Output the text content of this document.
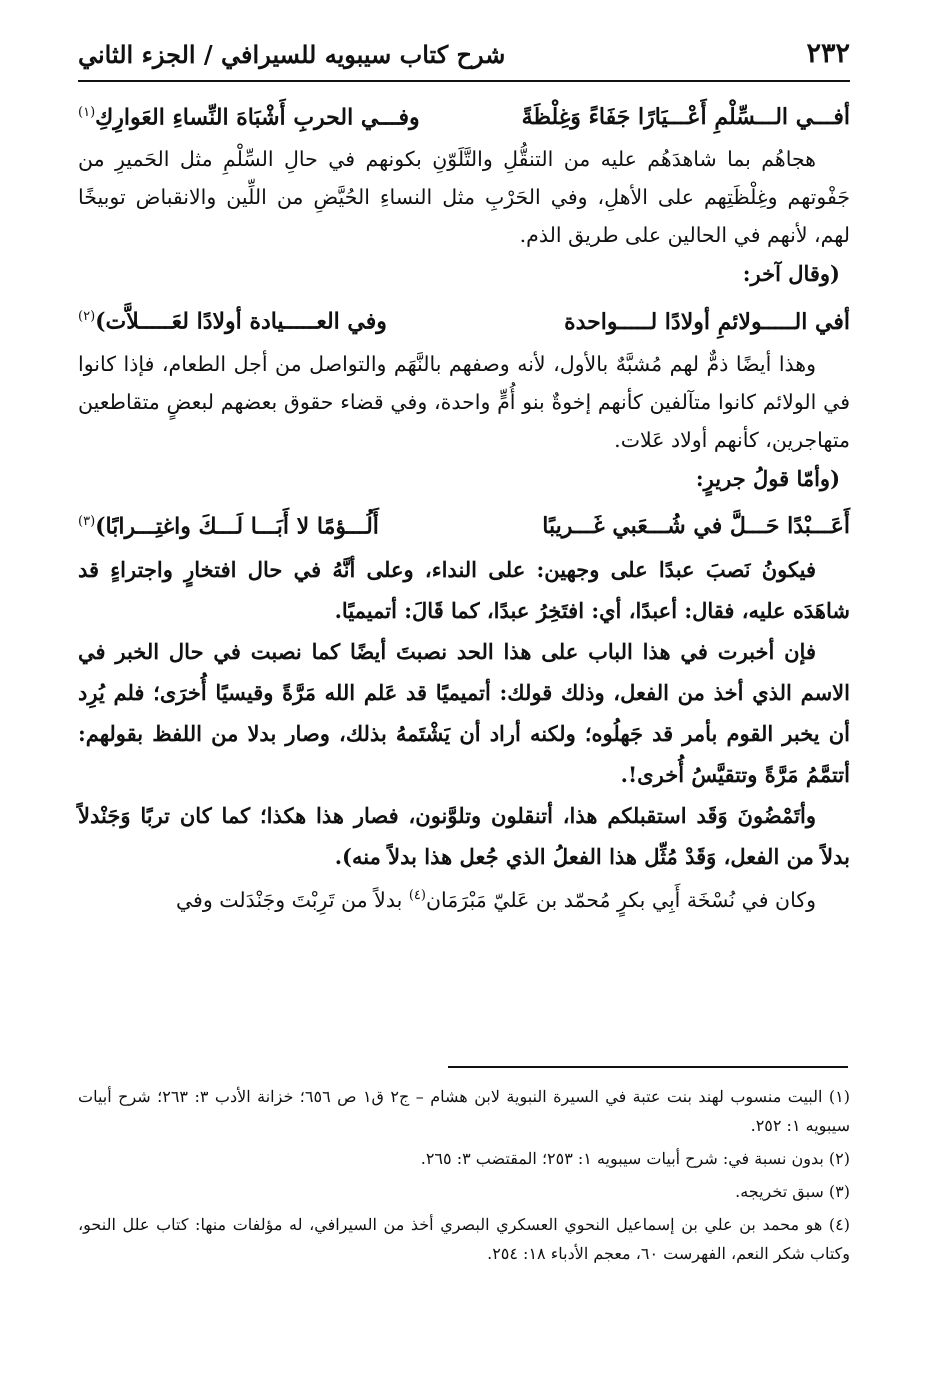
٢٣٢
شرح كتاب سيبويه للسيرافي / الجزء الثاني
أفـــي الـــسِّلْمِ أَعْـــيَارًا جَفَاءً وَغِلْظَةً
وفـــي الحربِ أَشْبَاهَ النِّساءِ العَوارِكِ$^{(١)}$

هجاهُم بما شاهدَهُم عليه من التنقُّلِ والتَّلَوّنِ بكونهم في حالِ السِّلْمِ مثل الحَميرِ من جَفْوتهم وغِلْظَتِهم على الأهلِ، وفي الحَرْبِ مثل النساءِ الحُيَّضِ من اللِّين والانقباض توبيخًا لهم، لأنهم في الحالين على طريق الذم.

(وقال آخر:
أفي الـــــولائمِ أولادًا لـــــواحدة
وفي العـــــيادة أولادًا لعَـــــلاَّت)$^{(٢)}$

وهذا أيضًا ذمٌّ لهم مُشبَّهٌ بالأول، لأنه وصفهم بالنَّهَم والتواصل من أجل الطعام، فإذا كانوا في الولائم كانوا متآلفين كأنهم إخوةٌ بنو أُمٍّ واحدة، وفي قضاء حقوق بعضهم لبعضٍ متقاطعين متهاجرين، كأنهم أولاد عَلات.

(وأمّا قولُ جريرٍ:
أَعَـــبْدًا حَـــلَّ في شُـــعَبي غَـــريبًا
أَلُـــؤمًا لا أَبَـــا لَـــكَ واغتِـــرابًا)$^{(٣)}$

فيكونُ نَصبَ عبدًا على وجهين: على النداء، وعلى أنَّهُ في حال افتخارٍ واجتراءٍ قد شاهَدَه عليه، فقال: أعبدًا، أي: افتَخِرُ عبدًا، كما قَالَ: أتميميًا.

فإن أخبرت في هذا الباب على هذا الحد نصبتَ أيضًا كما نصبت في حال الخبر في الاسم الذي أخذ من الفعل، وذلك قولك: أتميميًا قد عَلم الله مَرَّةً وقيسيًا أُخرَى؛ فلم يُرِد أن يخبر القوم بأمر قد جَهلُوه؛ ولكنه أراد أن يَشْتَمهُ بذلك، وصار بدلا من اللفظ بقولهم: أتتمَّمُ مَرَّةً وتتقيَّسُ أُخرى!.

وأتَمْضُونَ وَقَد استقبلكم هذا، أتنقلون وتلوَّنون، فصار هذا هكذا؛ كما كان تربًا وَجَنْدلاً بدلاً من الفعل، وَقَدْ مُثِّل هذا الفعلُ الذي جُعل هذا بدلاً منه).

وكان في نُسْخَة أَبِي بكرٍ مُحمّد بن عَليّ مَبْرَمَان$^{(٤)}$ بدلاً من تَرِبْتَ وجَنْدَلت وفي

(١) البيت منسوب لهند بنت عتبة في السيرة النبوية لابن هشام – ج٢ ق١ ص ٦٥٦؛ خزانة الأدب ٣: ٢٦٣؛ شرح أبيات سيبويه ١: ٢٥٢.

(٢) بدون نسبة في: شرح أبيات سيبويه ١: ٢٥٣؛ المقتضب ٣: ٢٦٥.

(٣) سبق تخريجه.

(٤) هو محمد بن علي بن إسماعيل النحوي العسكري البصري أخذ من السيرافي، له مؤلفات منها: كتاب علل النحو، وكتاب شكر النعم، الفهرست ٦٠، معجم الأدباء ١٨: ٢٥٤.
